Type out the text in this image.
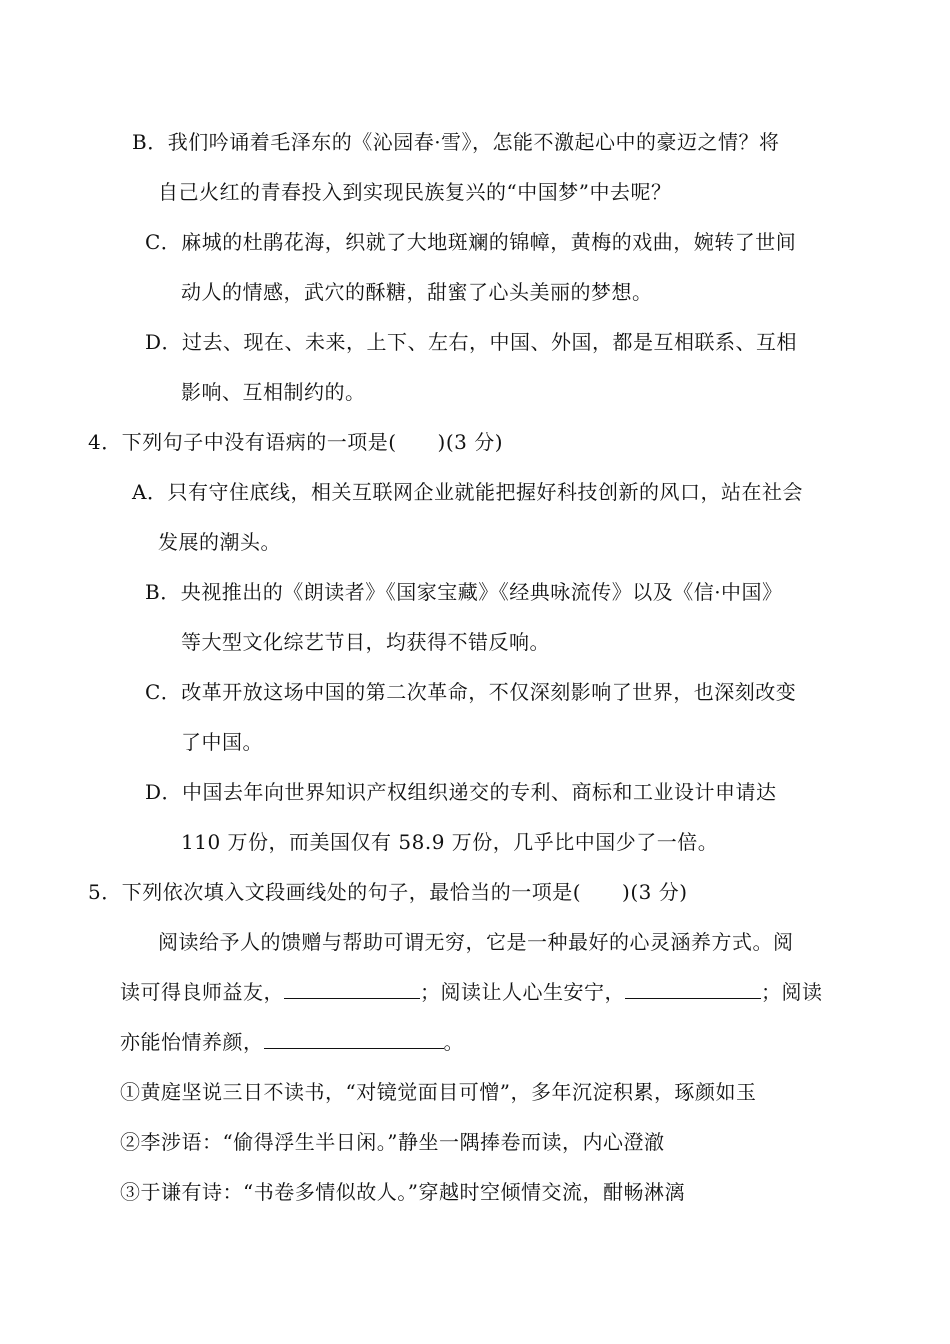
B．我们吟诵着毛泽东的《沁园春·雪》，怎能不激起心中的豪迈之情？将
自己火红的青春投入到实现民族复兴的“中国梦”中去呢？
C．麻城的杜鹃花海，织就了大地斑斓的锦幛，黄梅的戏曲，婉转了世间
动人的情感，武穴的酥糖，甜蜜了心头美丽的梦想。
D．过去、现在、未来，上下、左右，中国、外国，都是互相联系、互相
影响、互相制约的。
4．下列句子中没有语病的一项是(　　)(3 分)
A．只有守住底线，相关互联网企业就能把握好科技创新的风口，站在社会
发展的潮头。
B．央视推出的《朗读者》《国家宝藏》《经典咏流传》以及《信·中国》
等大型文化综艺节目，均获得不错反响。
C．改革开放这场中国的第二次革命，不仅深刻影响了世界，也深刻改变
了中国。
D．中国去年向世界知识产权组织递交的专利、商标和工业设计申请达
110 万份，而美国仅有 58.9 万份，几乎比中国少了一倍。
5．下列依次填入文段画线处的句子，最恰当的一项是(　　)(3 分)
阅读给予人的馈赠与帮助可谓无穷，它是一种最好的心灵涵养方式。阅
读可得良师益友，	；阅读让人心生安宁，	；阅读
亦能怡情养颜，	。
①黄庭坚说三日不读书，“对镜觉面目可憎”，多年沉淀积累，琢颜如玉
②李涉语：“偷得浮生半日闲。”静坐一隅捧卷而读，内心澄澈
③于谦有诗：“书卷多情似故人。”穿越时空倾情交流，酣畅淋漓
